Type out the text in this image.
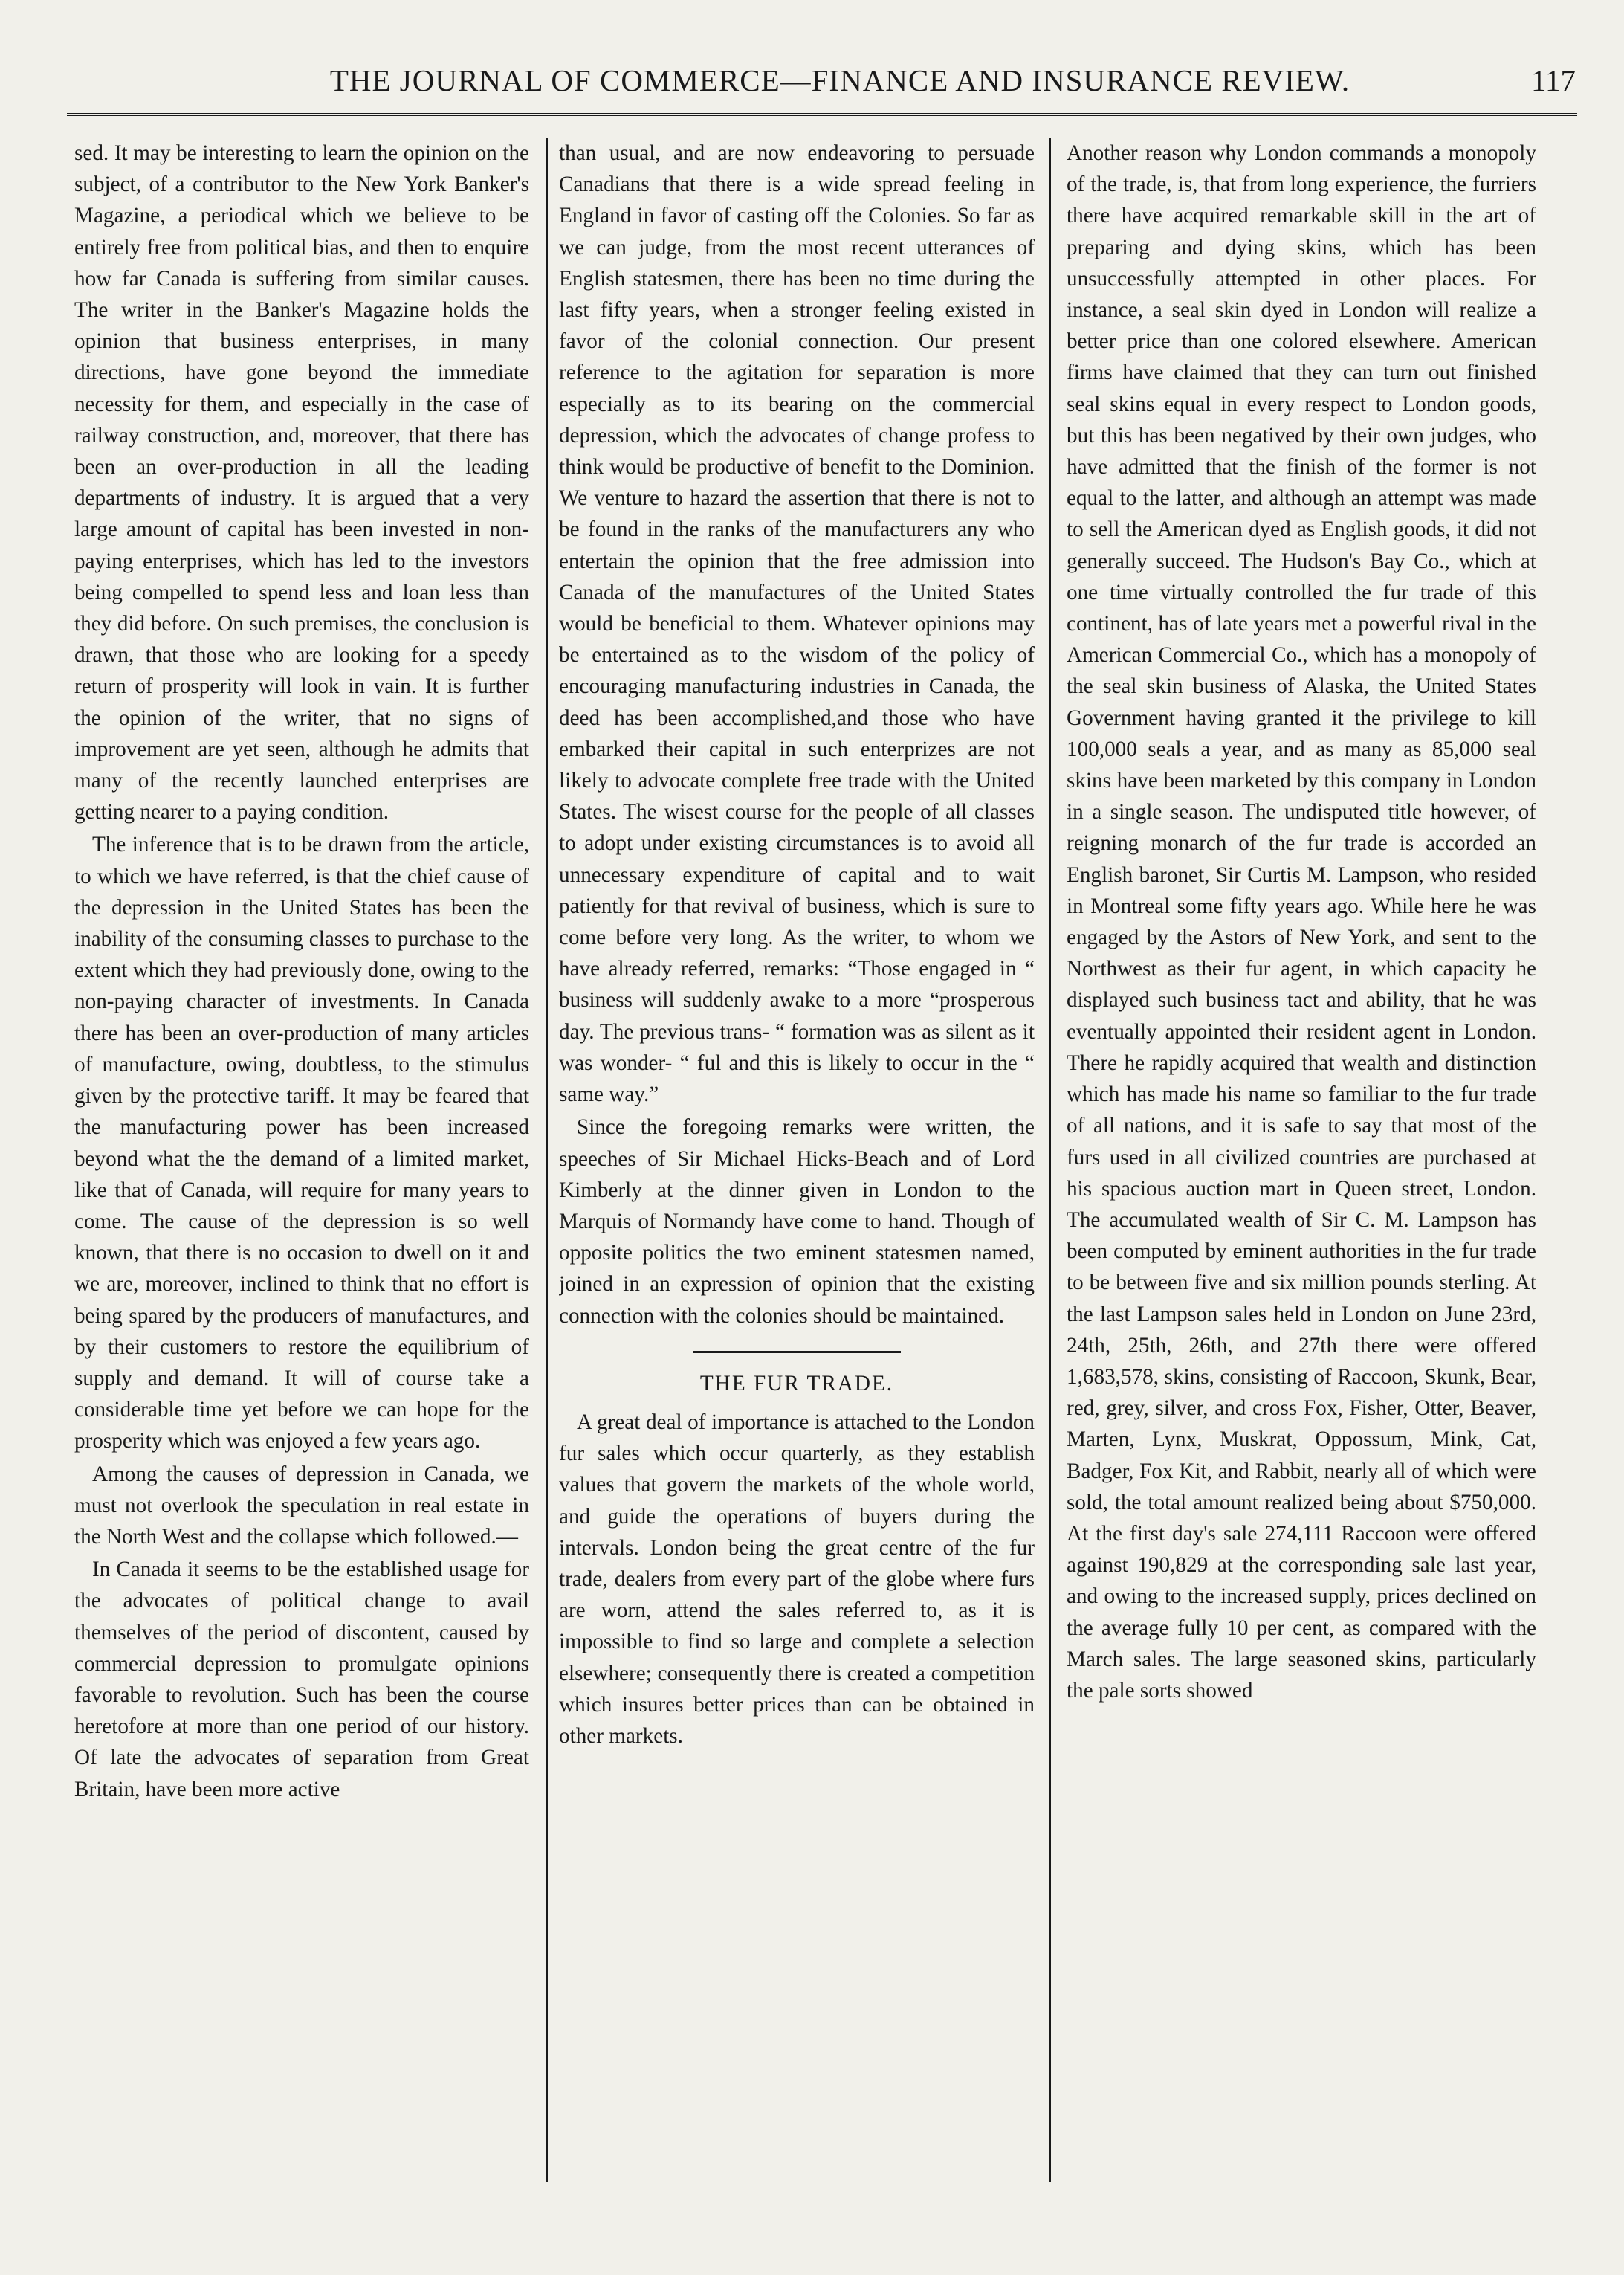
THE JOURNAL OF COMMERCE—FINANCE AND INSURANCE REVIEW.	117

sed. It may be interesting to learn the opinion on the subject, of a contributor to the New York Banker's Magazine, a periodical which we believe to be entirely free from political bias, and then to enquire how far Canada is suffering from similar causes. The writer in the Banker's Magazine holds the opinion that business enterprises, in many directions, have gone beyond the immediate necessity for them, and especially in the case of railway construction, and, moreover, that there has been an over-production in all the leading departments of industry. It is argued that a very large amount of capital has been invested in non-paying enterprises, which has led to the investors being compelled to spend less and loan less than they did before. On such premises, the conclusion is drawn, that those who are looking for a speedy return of prosperity will look in vain. It is further the opinion of the writer, that no signs of improvement are yet seen, although he admits that many of the recently launched enterprises are getting nearer to a paying condition.

The inference that is to be drawn from the article, to which we have referred, is that the chief cause of the depression in the United States has been the inability of the consuming classes to purchase to the extent which they had previously done, owing to the non-paying character of investments. In Canada there has been an over-production of many articles of manufacture, owing, doubtless, to the stimulus given by the protective tariff. It may be feared that the manufacturing power has been increased beyond what the the demand of a limited market, like that of Canada, will require for many years to come. The cause of the depression is so well known, that there is no occasion to dwell on it and we are, moreover, inclined to think that no effort is being spared by the producers of manufactures, and by their customers to restore the equilibrium of supply and demand. It will of course take a considerable time yet before we can hope for the prosperity which was enjoyed a few years ago.

Among the causes of depression in Canada, we must not overlook the speculation in real estate in the North West and the collapse which followed.—

In Canada it seems to be the established usage for the advocates of political change to avail themselves of the period of discontent, caused by commercial depression to promulgate opinions favorable to revolution. Such has been the course heretofore at more than one period of our history. Of late the advocates of separation from Great Britain, have been more active

than usual, and are now endeavoring to persuade Canadians that there is a wide spread feeling in England in favor of casting off the Colonies. So far as we can judge, from the most recent utterances of English statesmen, there has been no time during the last fifty years, when a stronger feeling existed in favor of the colonial connection. Our present reference to the agitation for separation is more especially as to its bearing on the commercial depression, which the advocates of change profess to think would be productive of benefit to the Dominion. We venture to hazard the assertion that there is not to be found in the ranks of the manufacturers any who entertain the opinion that the free admission into Canada of the manufactures of the United States would be beneficial to them. Whatever opinions may be entertained as to the wisdom of the policy of encouraging manufacturing industries in Canada, the deed has been accomplished,and those who have embarked their capital in such enterprizes are not likely to advocate complete free trade with the United States. The wisest course for the people of all classes to adopt under existing circumstances is to avoid all unnecessary expenditure of capital and to wait patiently for that revival of business, which is sure to come before very long. As the writer, to whom we have already referred, remarks: “Those engaged in “ business will suddenly awake to a more “prosperous day. The previous trans- “ formation was as silent as it was wonder- “ ful and this is likely to occur in the “ same way.”

Since the foregoing remarks were written, the speeches of Sir Michael Hicks-Beach and of Lord Kimberly at the dinner given in London to the Marquis of Normandy have come to hand. Though of opposite politics the two eminent statesmen named, joined in an expression of opinion that the existing connection with the colonies should be maintained.

THE FUR TRADE.

A great deal of importance is attached to the London fur sales which occur quarterly, as they establish values that govern the markets of the whole world, and guide the operations of buyers during the intervals. London being the great centre of the fur trade, dealers from every part of the globe where furs are worn, attend the sales referred to, as it is impossible to find so large and complete a selection elsewhere; consequently there is created a competition which insures better prices than can be obtained in other markets.

Another reason why London commands a monopoly of the trade, is, that from long experience, the furriers there have acquired remarkable skill in the art of preparing and dying skins, which has been unsuccessfully attempted in other places. For instance, a seal skin dyed in London will realize a better price than one colored elsewhere. American firms have claimed that they can turn out finished seal skins equal in every respect to London goods, but this has been negatived by their own judges, who have admitted that the finish of the former is not equal to the latter, and although an attempt was made to sell the American dyed as English goods, it did not generally succeed. The Hudson's Bay Co., which at one time virtually controlled the fur trade of this continent, has of late years met a powerful rival in the American Commercial Co., which has a monopoly of the seal skin business of Alaska, the United States Government having granted it the privilege to kill 100,000 seals a year, and as many as 85,000 seal skins have been marketed by this company in London in a single season. The undisputed title however, of reigning monarch of the fur trade is accorded an English baronet, Sir Curtis M. Lampson, who resided in Montreal some fifty years ago. While here he was engaged by the Astors of New York, and sent to the Northwest as their fur agent, in which capacity he displayed such business tact and ability, that he was eventually appointed their resident agent in London. There he rapidly acquired that wealth and distinction which has made his name so familiar to the fur trade of all nations, and it is safe to say that most of the furs used in all civilized countries are purchased at his spacious auction mart in Queen street, London. The accumulated wealth of Sir C. M. Lampson has been computed by eminent authorities in the fur trade to be between five and six million pounds sterling. At the last Lampson sales held in London on June 23rd, 24th, 25th, 26th, and 27th there were offered 1,683,578, skins, consisting of Raccoon, Skunk, Bear, red, grey, silver, and cross Fox, Fisher, Otter, Beaver, Marten, Lynx, Muskrat, Oppossum, Mink, Cat, Badger, Fox Kit, and Rabbit, nearly all of which were sold, the total amount realized being about $750,000. At the first day's sale 274,111 Raccoon were offered against 190,829 at the corresponding sale last year, and owing to the increased supply, prices declined on the average fully 10 per cent, as compared with the March sales. The large seasoned skins, particularly the pale sorts showed
